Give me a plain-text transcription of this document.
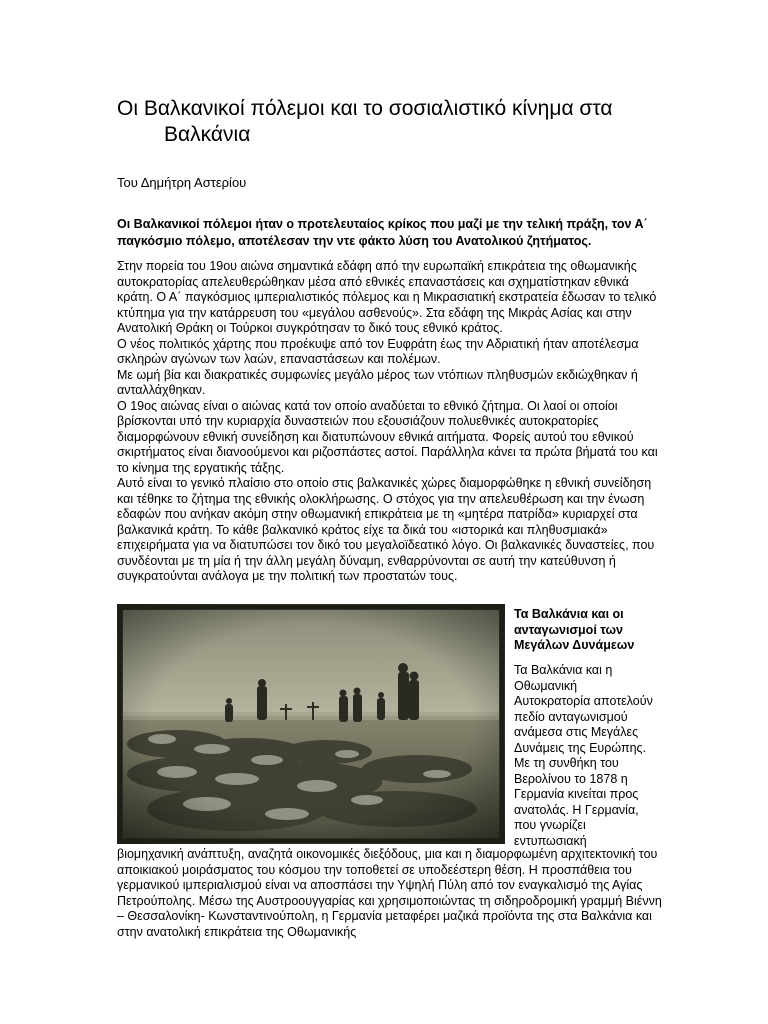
Οι Βαλκανικοί πόλεμοι και το σοσιαλιστικό κίνημα στα
Βαλκάνια
Του Δημήτρη Αστερίου
Οι Βαλκανικοί πόλεμοι ήταν ο προτελευταίος κρίκος που μαζί με την τελική πράξη, τον Α΄ παγκόσμιο πόλεμο, αποτέλεσαν την ντε φάκτο λύση του Ανατολικού ζητήματος.

Στην πορεία του 19ου αιώνα σημαντικά εδάφη από την ευρωπαϊκή επικράτεια της οθωμανικής αυτοκρατορίας απελευθερώθηκαν μέσα από εθνικές επαναστάσεις και σχηματίστηκαν εθνικά κράτη. Ο Α΄ παγκόσμιος ιμπεριαλιστικός πόλεμος και η Μικρασιατική εκστρατεία έδωσαν το τελικό κτύπημα για την κατάρρευση του «μεγάλου ασθενούς». Στα εδάφη της Μικράς Ασίας και στην Ανατολική Θράκη οι Τούρκοι συγκρότησαν το δικό τους εθνικό κράτος.

Ο νέος πολιτικός χάρτης που προέκυψε από τον Ευφράτη έως την Αδριατική ήταν αποτέλεσμα σκληρών αγώνων των λαών, επαναστάσεων και πολέμων.

Με ωμή βία και διακρατικές συμφωνίες μεγάλο μέρος των ντόπιων πληθυσμών εκδιώχθηκαν ή ανταλλάχθηκαν.

Ο 19ος αιώνας είναι ο αιώνας κατά τον οποίο αναδύεται το εθνικό ζήτημα. Οι λαοί οι οποίοι βρίσκονται υπό την κυριαρχία δυναστειών που εξουσιάζουν πολυεθνικές αυτοκρατορίες διαμορφώνουν εθνική συνείδηση και διατυπώνουν εθνικά αιτήματα. Φορείς αυτού του εθνικού σκιρτήματος είναι διανοούμενοι και ριζοσπάστες αστοί. Παράλληλα κάνει τα πρώτα βήματά του και το κίνημα της εργατικής τάξης.

Αυτό είναι το γενικό πλαίσιο στο οποίο στις βαλκανικές χώρες διαμορφώθηκε η εθνική συνείδηση και τέθηκε το ζήτημα της εθνικής ολοκλήρωσης. Ο στόχος για την απελευθέρωση και την ένωση εδαφών που ανήκαν ακόμη στην οθωμανική επικράτεια με τη «μητέρα πατρίδα» κυριαρχεί στα βαλκανικά κράτη. Το κάθε βαλκανικό κράτος είχε τα δικά του «ιστορικά και πληθυσμιακά» επιχειρήματα για να διατυπώσει τον δικό του μεγαλοϊδεατικό λόγο. Οι βαλκανικές δυναστείες, που συνδέονται με τη μία ή την άλλη μεγάλη δύναμη, ενθαρρύνονται σε αυτή την κατεύθυνση ή συγκρατούνται ανάλογα με την πολιτική των προστατών τους.

Τα Βαλκάνια και οι ανταγωνισμοί των Μεγάλων Δυνάμεων

Τα Βαλκάνια και η Οθωμανική Αυτοκρατορία αποτελούν πεδίο ανταγωνισμού ανάμεσα στις Μεγάλες Δυνάμεις της Ευρώπης.

Με τη συνθήκη του Βερολίνου το 1878 η Γερμανία κινείται προς ανατολάς. Η Γερμανία, που γνωρίζει εντυπωσιακή

βιομηχανική ανάπτυξη, αναζητά οικονομικές διεξόδους, μια και η διαμορφωμένη αρχιτεκτονική του αποικιακού μοιράσματος του κόσμου την τοποθετεί σε υποδεέστερη θέση. Η προσπάθεια του γερμανικού ιμπεριαλισμού είναι να αποσπάσει την Υψηλή Πύλη από τον εναγκαλισμό της Αγίας Πετρούπολης. Μέσω της Αυστροουγγαρίας και χρησιμοποιώντας τη σιδηροδρομική γραμμή Βιέννη – Θεσσαλονίκη- Κωνσταντινούπολη, η Γερμανία μεταφέρει μαζικά προϊόντα της στα Βαλκάνια και στην ανατολική επικράτεια της Οθωμανικής
